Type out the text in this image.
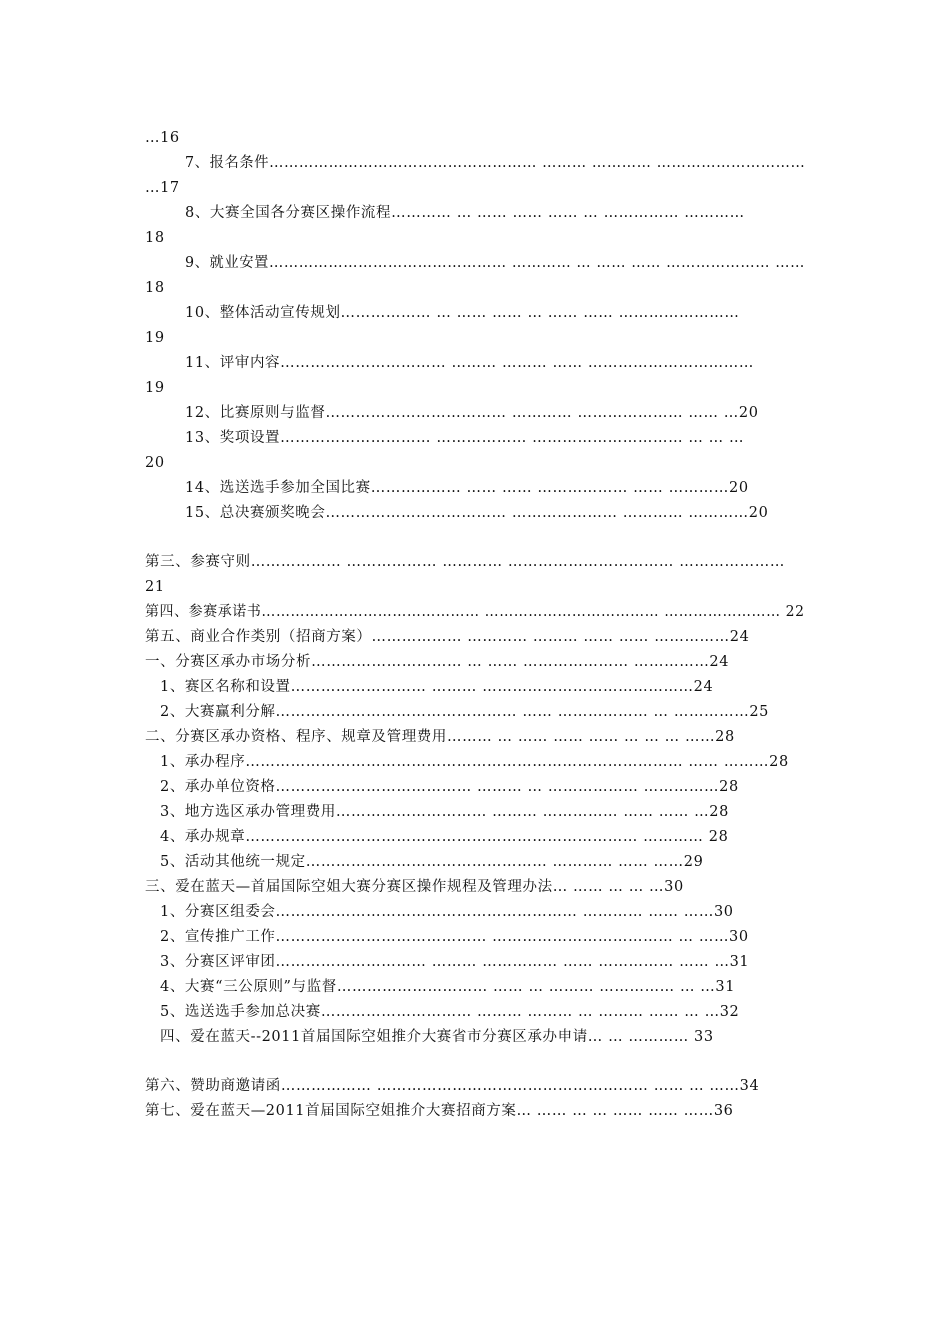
…16
7、报名条件……………………………………………… ……… ………… …………………………
…17
8、大赛全国各分赛区操作流程………… … …… …… …… … …………… …………
18
9、就业安置………………………………………… ………… … …… …… ………………… ……
18
10、整体活动宣传规划……………… … …… …… … …… …… ……………………
19
11、评审内容…………………………… ……… ……… …… ……………………………
19
12、比赛原则与监督……………………………… ………… ………………… …… …20
13、奖项设置………………………… ……………… ………………………… … … …
20
14、选送选手参加全国比赛……………… …… …… ……………… …… …………20
15、总决赛颁奖晚会……………………………… ………………… ………… …………20
第三、参赛守则……………… ……………… ………… …………………………… …………………
21
第四、参赛承诺书……………………………………… ……………………………… …………………… 22
第五、商业合作类别（招商方案）……………… ………… ……… …… …… ……………24
一、分赛区承办市场分析………………………… … …… ………………… ……………24
1、赛区名称和设置……………………… ……… ……………………………………24
2、大赛赢利分解………………………………………… …… ……………… … ……………25
二、分赛区承办资格、程序、规章及管理费用……… … …… …… …… … … … ……28
1、承办程序…………………………………………………………………………… …… ………28
2、承办单位资格………………………………… ……… … ……………… ……………28
3、地方选区承办管理费用………………………… ……… …………… …… …… …28
4、承办规章…………………………………………………………………… ………… 28
5、活动其他统一规定………………………………………… ………… …… ……29
三、爱在蓝天—首届国际空姐大赛分赛区操作规程及管理办法… …… … … …30
1、分赛区组委会…………………………………………………… ………… …… ……30
2、宣传推广工作…………………………………… ……………………………… … ……30
3、分赛区评审团………………………… ……… …………… …… …………… …… …31
4、大赛“三公原则”与监督………………………… …… … ……… …………… … …31
5、选送选手参加总决赛………………………… ……… ……… … ……… …… … …32
四、爱在蓝天--2011首届国际空姐推介大赛省市分赛区承办申请… … ………… 33
第六、赞助商邀请函……………… ……………………………………………… …… … ……34
第七、爱在蓝天—2011首届国际空姐推介大赛招商方案… …… … … …… …… ……36
